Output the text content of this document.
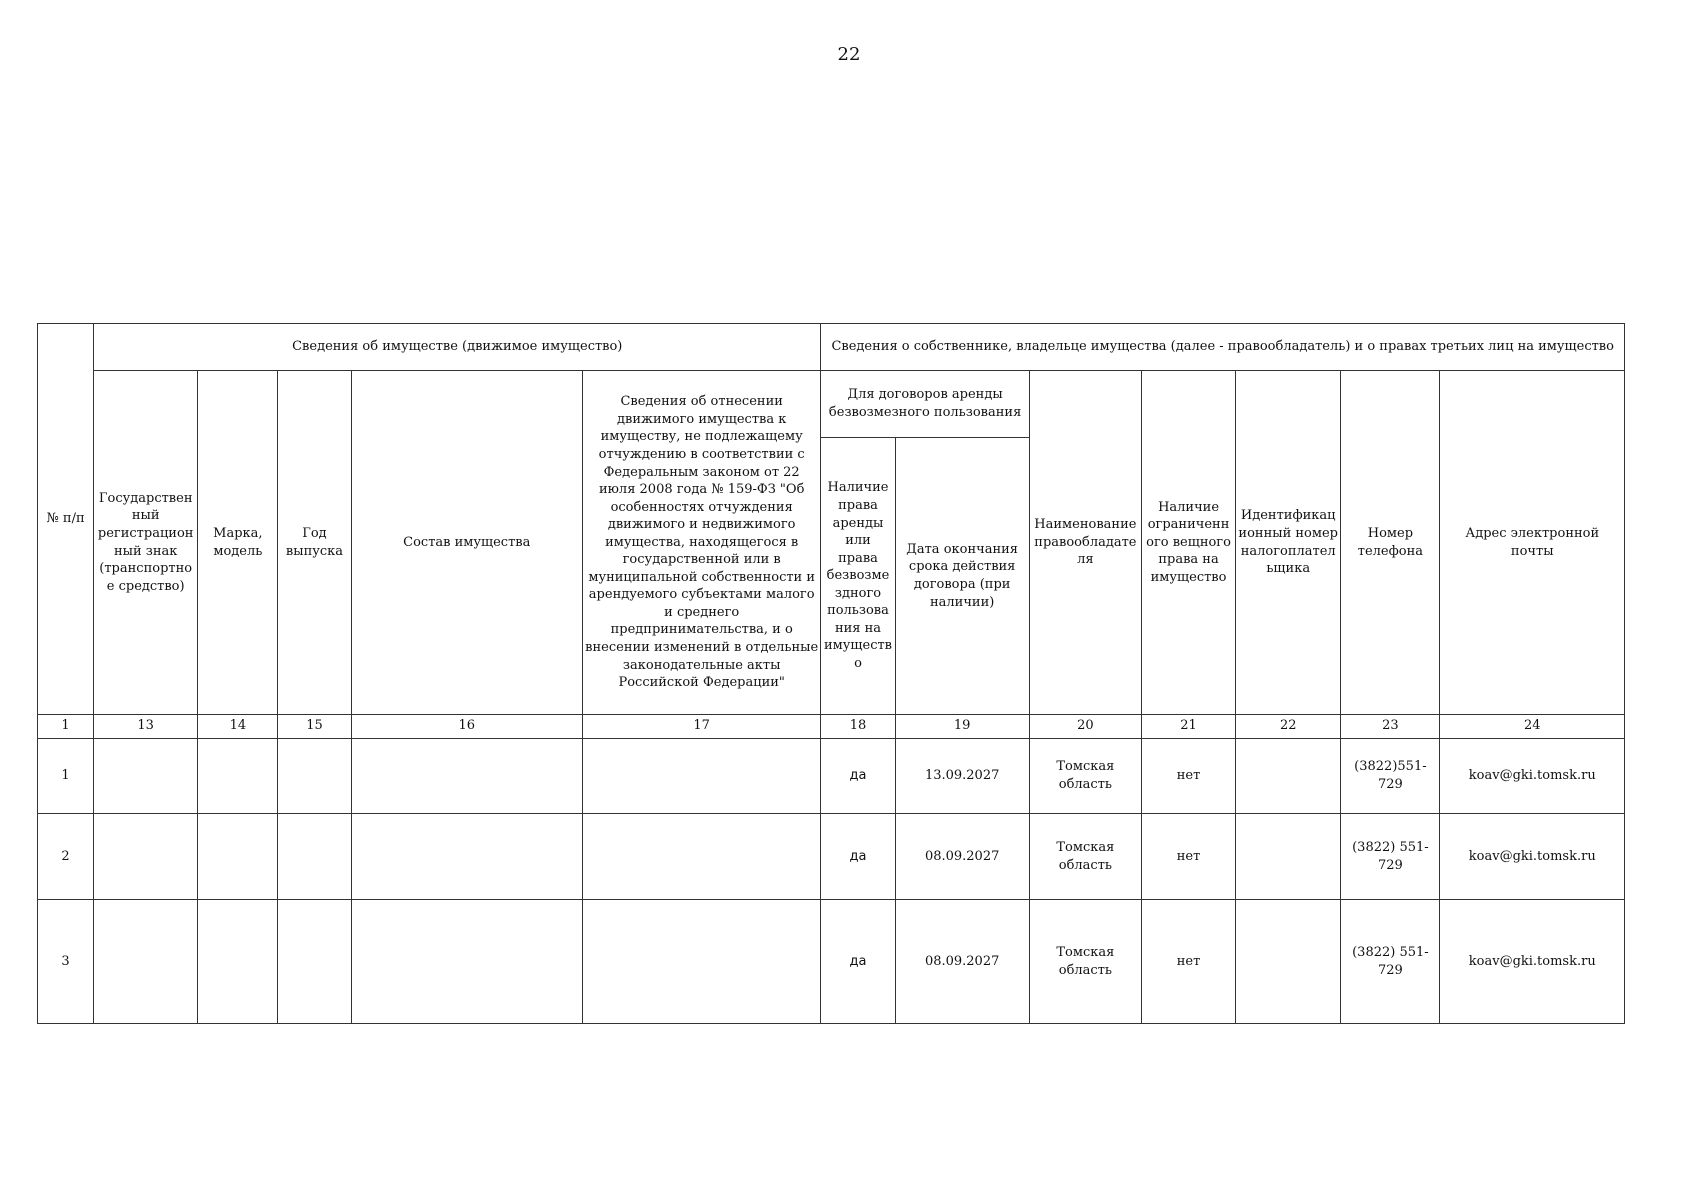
22
№ п/п	Сведения об имуществе (движимое имущество)					Сведения о собственнике, владельце имущества (далее - правообладатель) и о правах третьих лиц на имущество						
	Государственный регистрационный знак (транспортное средство)	Марка, модель	Год выпуска	Состав имущества	Сведения об отнесении движимого имущества к имуществу, не подлежащему отчуждению в соответствии с Федеральным законом от 22 июля 2008 года № 159-ФЗ "Об особенностях отчуждения движимого и недвижимого имущества, находящегося в государственной или в муниципальной собственности и арендуемого субъектами малого и среднего предпринимательства, и о внесении изменений в отдельные законодательные акты Российской Федерации"	Для договоров аренды безвозмезного пользования		Наименование правообладателя	Наличие ограниченного вещного права на имущество	Идентификационный номер налогоплательщика	Номер телефона	Адрес электронной почты
						Наличие права аренды или права безвозмездного пользования на имущество	Дата окончания срока действия договора (при наличии)					
1	13	14	15	16	17	18	19	20	21	22	23	24
1						да	13.09.2027	Томская область	нет		(3822)551-729	koav@gki.tomsk.ru
2						да	08.09.2027	Томская область	нет		(3822) 551-729	koav@gki.tomsk.ru
3						да	08.09.2027	Томская область	нет		(3822) 551-729	koav@gki.tomsk.ru
